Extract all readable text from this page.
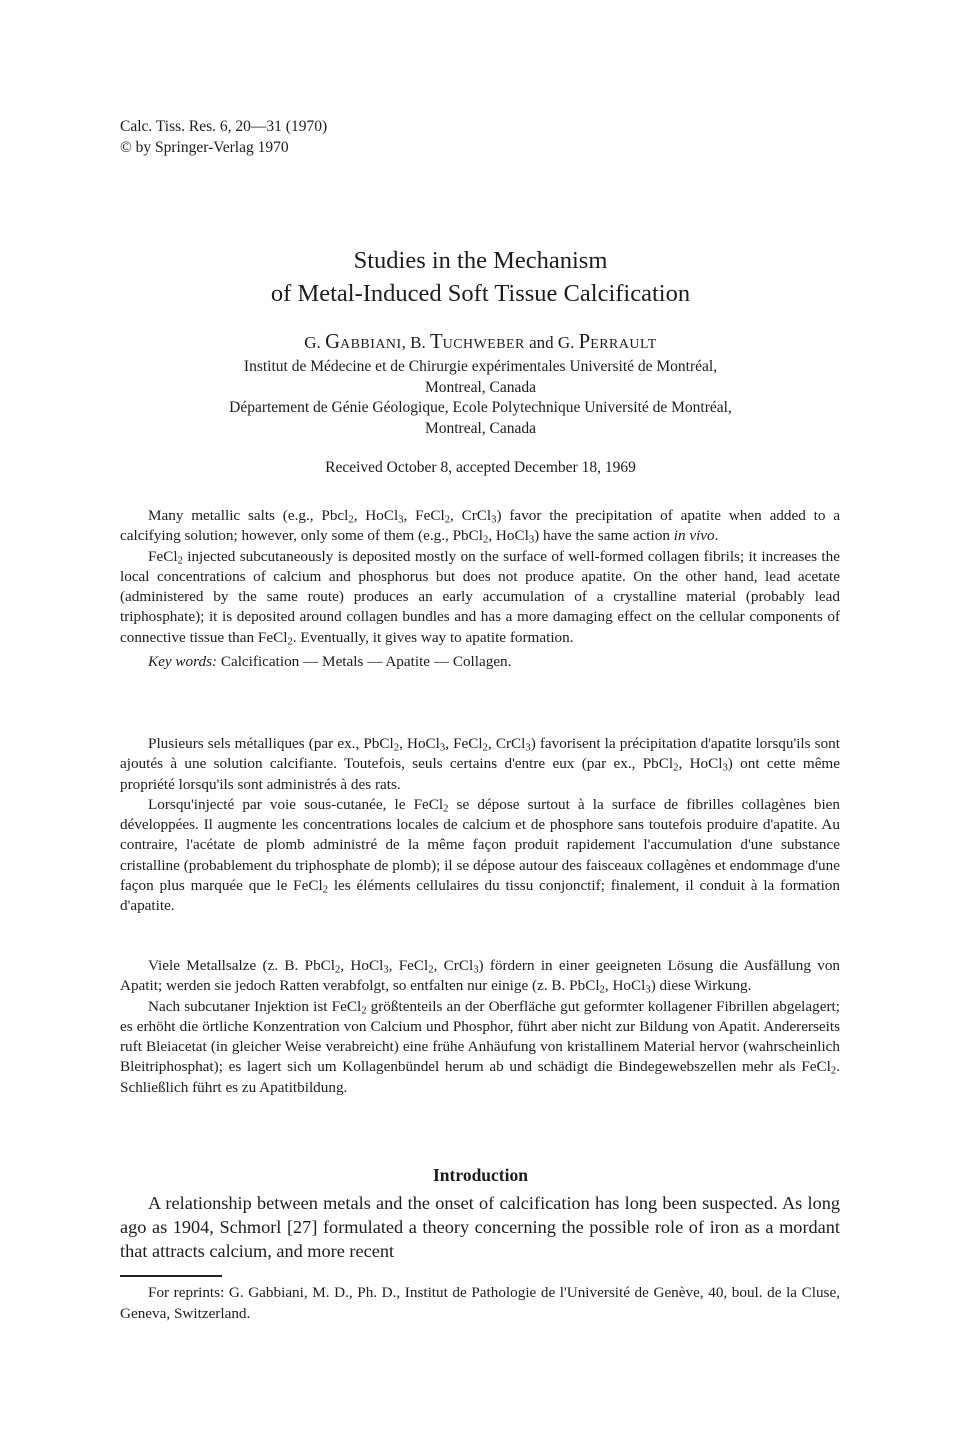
Calc. Tiss. Res. 6, 20—31 (1970)
© by Springer-Verlag 1970
Studies in the Mechanism
of Metal-Induced Soft Tissue Calcification
G. GABBIANI, B. TUCHWEBER and G. PERRAULT
Institut de Médecine et de Chirurgie expérimentales Université de Montréal,
Montreal, Canada
Département de Génie Géologique, Ecole Polytechnique Université de Montréal,
Montreal, Canada
Received October 8, accepted December 18, 1969

Many metallic salts (e.g., Pbcl$_2$, HoCl$_3$, FeCl$_2$, CrCl$_3$) favor the precipitation of apatite when added to a calcifying solution; however, only some of them (e.g., PbCl$_2$, HoCl$_3$) have the same action in vivo.

FeCl$_2$ injected subcutaneously is deposited mostly on the surface of well-formed collagen fibrils; it increases the local concentrations of calcium and phosphorus but does not produce apatite. On the other hand, lead acetate (administered by the same route) produces an early accumulation of a crystalline material (probably lead triphosphate); it is deposited around collagen bundles and has a more damaging effect on the cellular components of connective tissue than FeCl$_2$. Eventually, it gives way to apatite formation.

Key words: Calcification — Metals — Apatite — Collagen.

Plusieurs sels métalliques (par ex., PbCl$_2$, HoCl$_3$, FeCl$_2$, CrCl$_3$) favorisent la précipitation d'apatite lorsqu'ils sont ajoutés à une solution calcifiante. Toutefois, seuls certains d'entre eux (par ex., PbCl$_2$, HoCl$_3$) ont cette même propriété lorsqu'ils sont administrés à des rats.

Lorsqu'injecté par voie sous-cutanée, le FeCl$_2$ se dépose surtout à la surface de fibrilles collagènes bien développées. Il augmente les concentrations locales de calcium et de phosphore sans toutefois produire d'apatite. Au contraire, l'acétate de plomb administré de la même façon produit rapidement l'accumulation d'une substance cristalline (probablement du triphosphate de plomb); il se dépose autour des faisceaux collagènes et endommage d'une façon plus marquée que le FeCl$_2$ les éléments cellulaires du tissu conjonctif; finalement, il conduit à la formation d'apatite.

Viele Metallsalze (z. B. PbCl$_2$, HoCl$_3$, FeCl$_2$, CrCl$_3$) fördern in einer geeigneten Lösung die Ausfällung von Apatit; werden sie jedoch Ratten verabfolgt, so entfalten nur einige (z. B. PbCl$_2$, HoCl$_3$) diese Wirkung.

Nach subcutaner Injektion ist FeCl$_2$ größtenteils an der Oberfläche gut geformter kollagener Fibrillen abgelagert; es erhöht die örtliche Konzentration von Calcium und Phosphor, führt aber nicht zur Bildung von Apatit. Andererseits ruft Bleiacetat (in gleicher Weise verabreicht) eine frühe Anhäufung von kristallinem Material hervor (wahrscheinlich Bleitriphosphat); es lagert sich um Kollagenbündel herum ab und schädigt die Bindegewebszellen mehr als FeCl$_2$. Schließlich führt es zu Apatitbildung.

Introduction

A relationship between metals and the onset of calcification has long been suspected. As long ago as 1904, Schmorl [27] formulated a theory concerning the possible role of iron as a mordant that attracts calcium, and more recent

For reprints: G. Gabbiani, M. D., Ph. D., Institut de Pathologie de l'Université de Genève, 40, boul. de la Cluse, Geneva, Switzerland.
